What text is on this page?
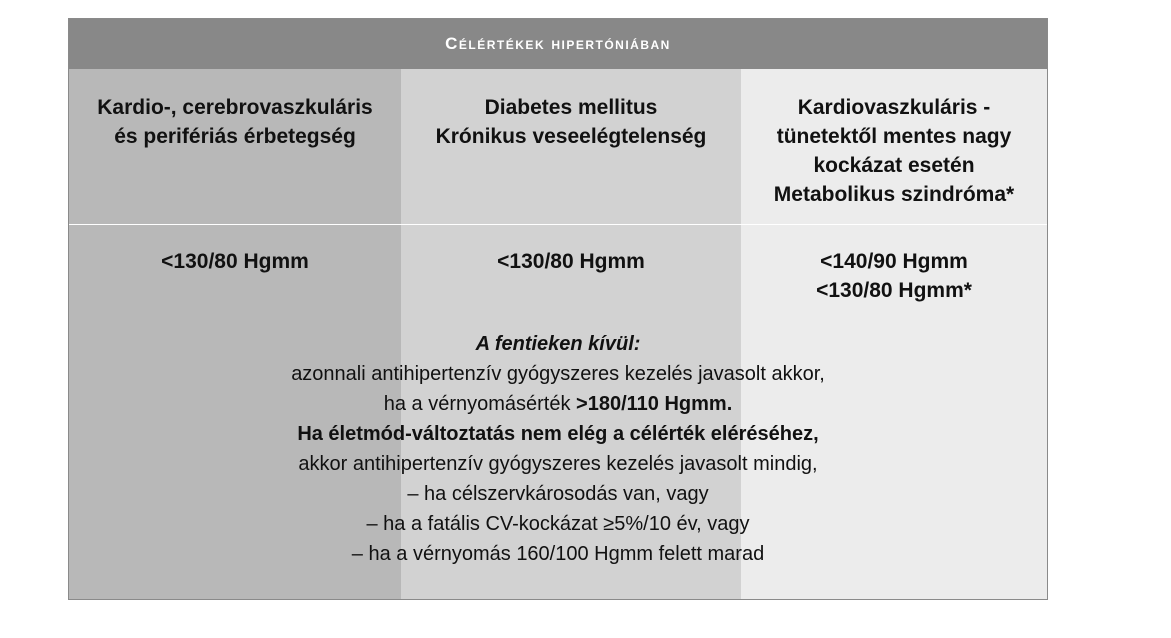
Célértékek hipertóniában
Kardio-, cerebrovaszkuláris
és perifériás érbetegség
Diabetes mellitus
Krónikus veseelégtelenség
Kardiovaszkuláris -
tünetektől mentes nagy
kockázat esetén
Metabolikus szindróma*
<130/80 Hgmm	<130/80 Hgmm	<140/90 Hgmm
<130/80 Hgmm*
A fentieken kívül:
azonnali antihipertenzív gyógyszeres kezelés javasolt akkor,
ha a vérnyomásérték >180/110 Hgmm.
Ha életmód-változtatás nem elég a célérték eléréséhez,
akkor antihipertenzív gyógyszeres kezelés javasolt mindig,
– ha célszervkárosodás van, vagy
– ha a fatális CV-kockázat ≥5%/10 év, vagy
– ha a vérnyomás 160/100 Hgmm felett marad
